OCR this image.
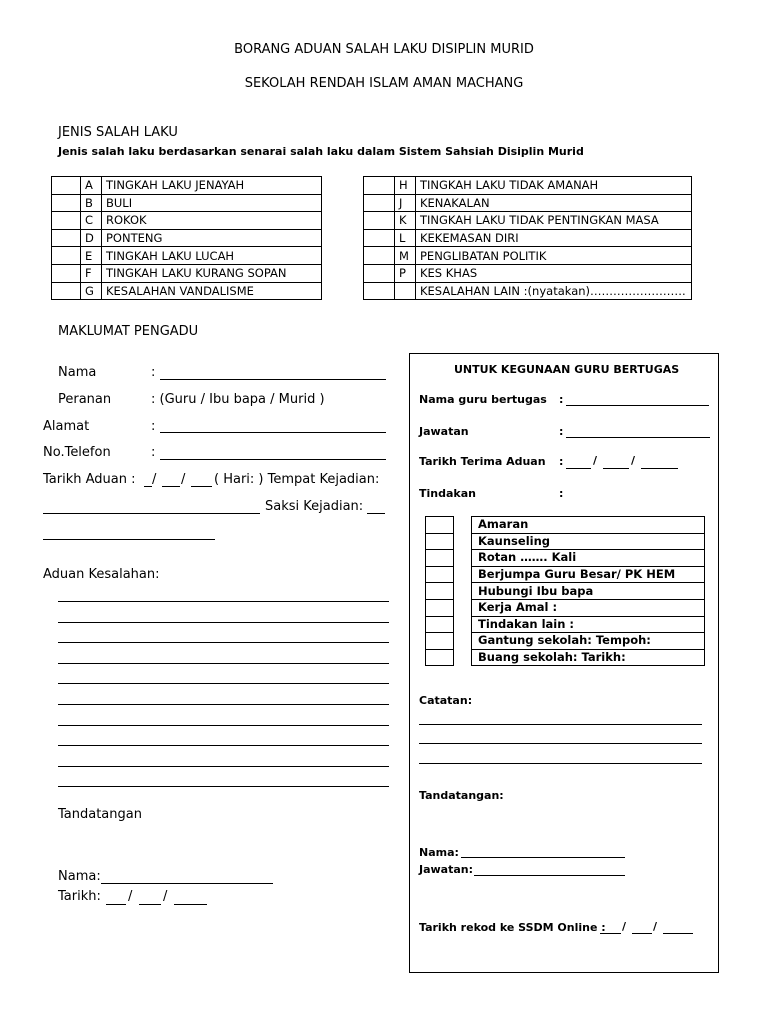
BORANG ADUAN SALAH LAKU DISIPLIN MURID
SEKOLAH RENDAH ISLAM AMAN MACHANG
JENIS SALAH LAKU
Jenis salah laku berdasarkan senarai salah laku dalam Sistem Sahsiah Disiplin Murid
	A	TINGKAH LAKU JENAYAH
	B	BULI
	C	ROKOK
	D	PONTENG
	E	TINGKAH LAKU LUCAH
	F	TINGKAH LAKU KURANG SOPAN
	G	KESALAHAN VANDALISME
	H	TINGKAH LAKU TIDAK AMANAH
	J	KENAKALAN
	K	TINGKAH LAKU TIDAK PENTINGKAN MASA
	L	KEKEMASAN DIRI
	M	PENGLIBATAN POLITIK
	P	KES KHAS
		KESALAHAN LAIN :(nyatakan)…………………….
MAKLUMAT PENGADU
Nama	:
Peranan	: (Guru / Ibu bapa / Murid )
Alamat	:
No.Telefon	:
Tarikh Aduan : / / ( Hari: ) Tempat Kejadian:
Saksi Kejadian:
Aduan Kesalahan:
Tandatangan
Nama:
Tarikh: / /
UNTUK KEGUNAAN GURU BERTUGAS
Nama guru bertugas :
Jawatan	:
Tarikh Terima Aduan :	/	/
Tindakan	:

Amaran
Kaunseling
Rotan ……. Kali
Berjumpa Guru Besar/ PK HEM
Hubungi Ibu bapa
Kerja Amal :
Tindakan lain :
Gantung sekolah: Tempoh:
Buang sekolah: Tarikh:
Catatan:
Tandatangan:
Nama:
Jawatan:
Tarikh rekod ke SSDM Online : / /
